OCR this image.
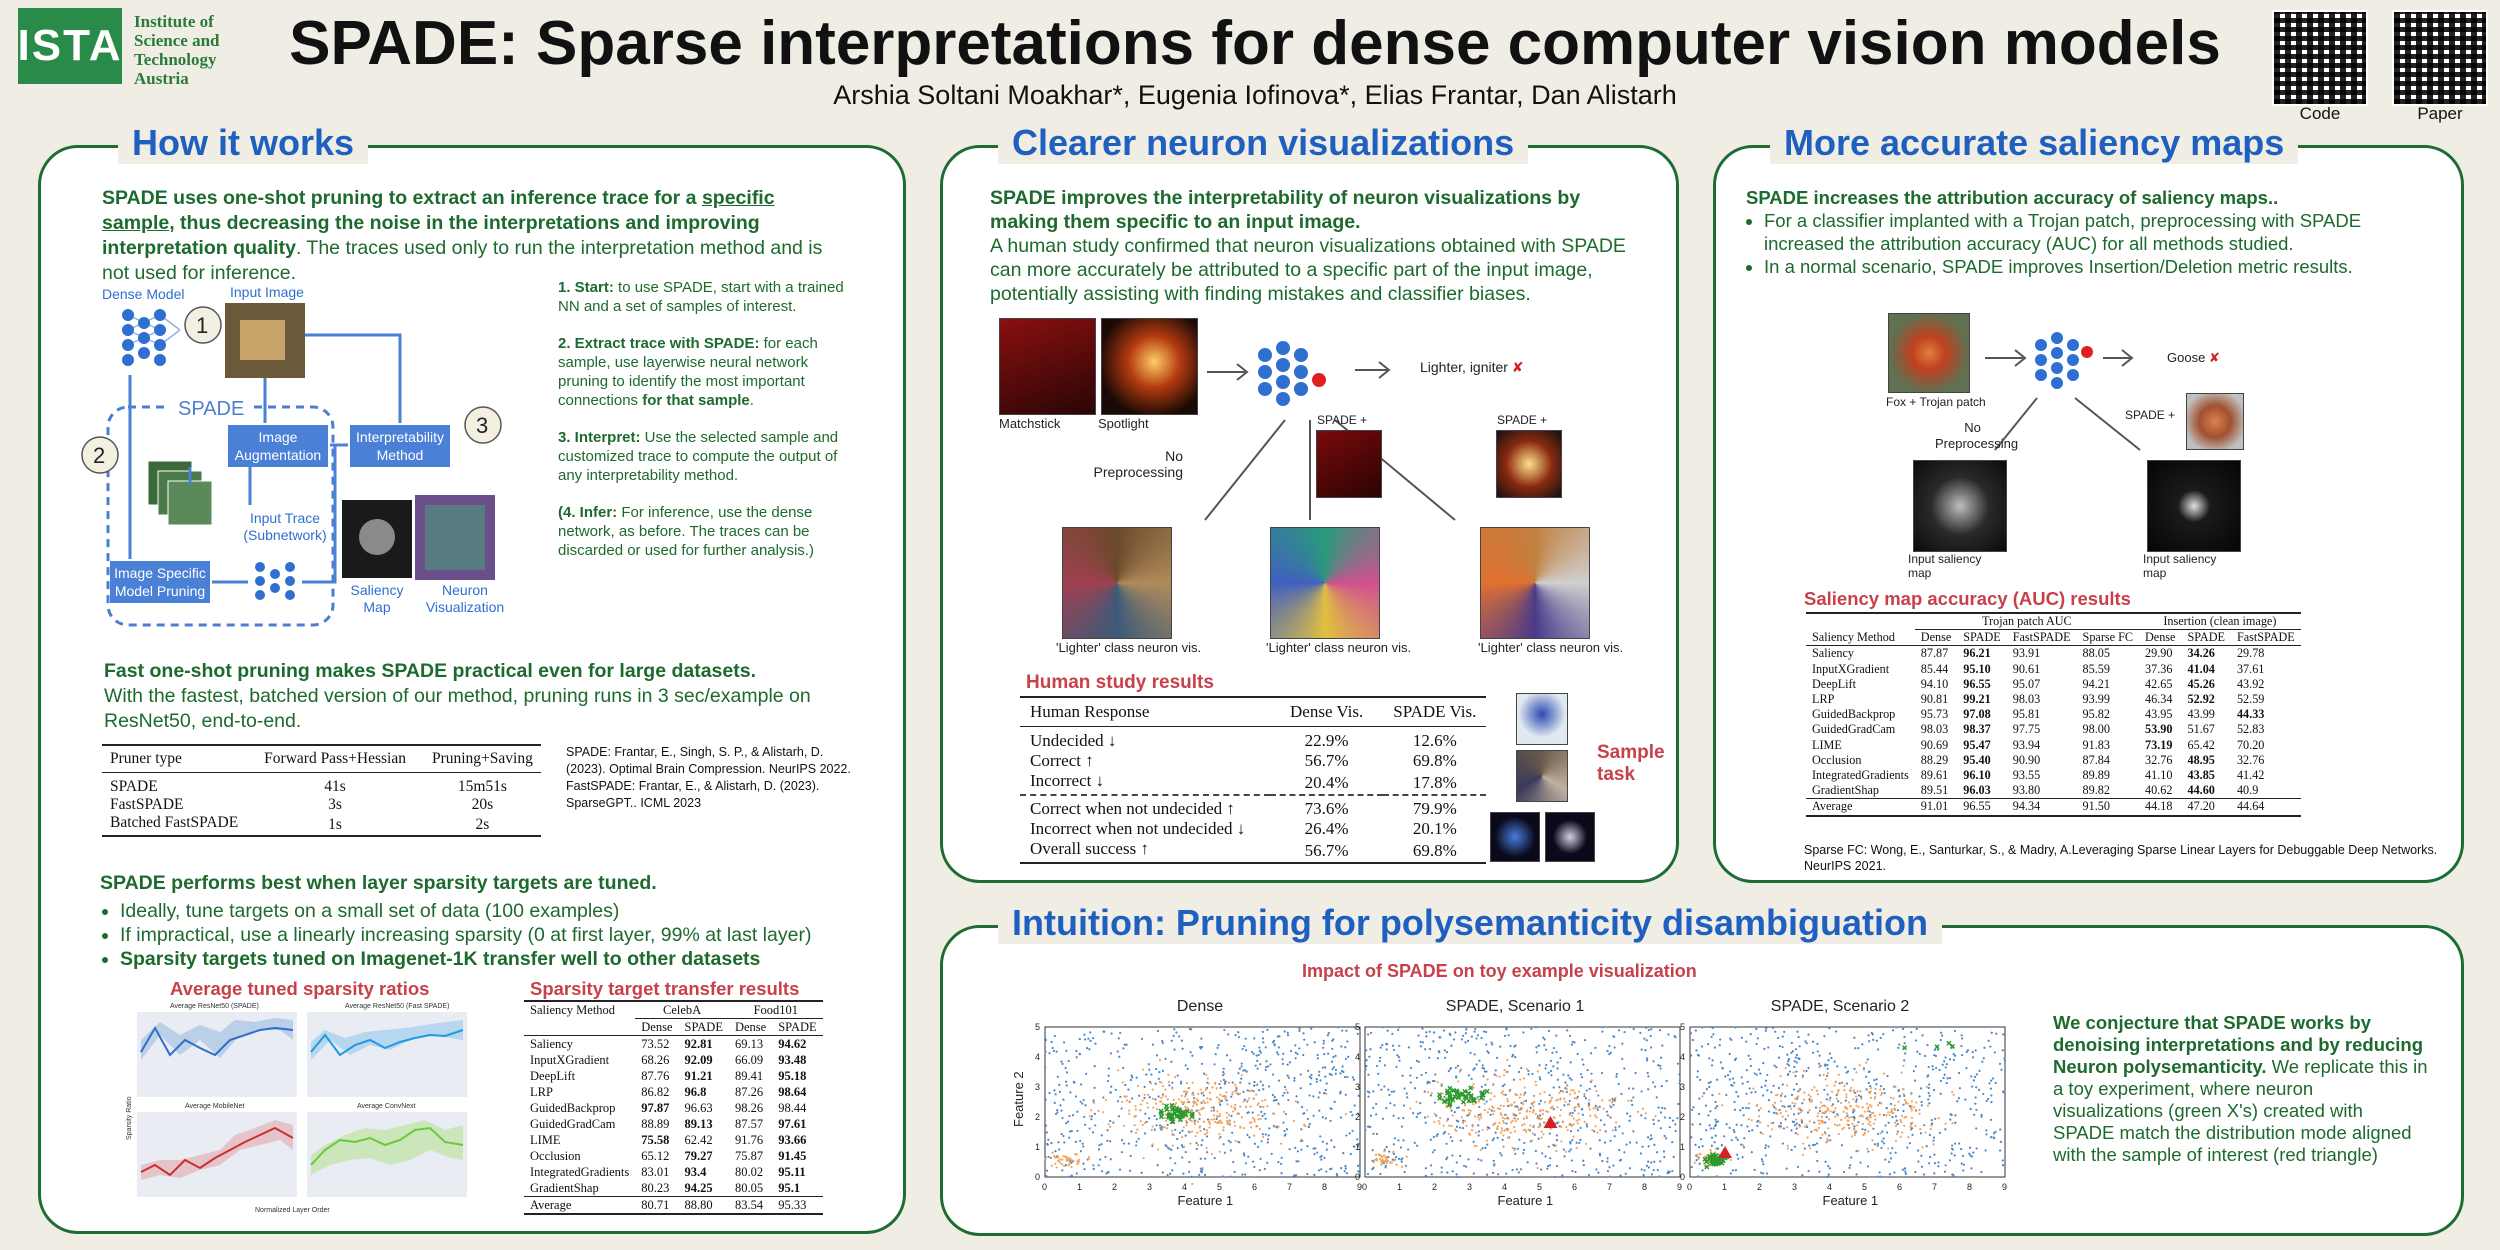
ISTA Institute of
Science and
Technology
Austria
SPADE: Sparse interpretations for dense computer vision models
Arshia Soltani Moakhar*, Eugenia Iofinova*, Elias Frantar, Dan Alistarh
Code	Paper
How it works
SPADE uses one-shot pruning to extract an inference trace for a specific sample, thus decreasing the noise in the interpretations and improving interpretation quality. The traces used only to run the interpretation method and is not used for inference.
Dense Model	Input Image
1
SPADE
2
Image Augmentation
Interpretability Method
3
Input Trace (Subnetwork)
Image Specific Model Pruning	Saliency Map
Neuron Visualization
1. Start: to use SPADE, start with a trained NN and a set of samples of interest.
2. Extract trace with SPADE: for each sample, use layerwise neural network pruning to identify the most important connections for that sample.
3. Interpret: Use the selected sample and customized trace to compute the output of any interpretability method.
(4. Infer: For inference, use the dense network, as before. The traces can be discarded or used for further analysis.)
Fast one-shot pruning makes SPADE practical even for large datasets.
With the fastest, batched version of our method, pruning runs in 3 sec/example on ResNet50, end-to-end.
Pruner type	Forward Pass+Hessian	Pruning+Saving
SPADE	41s	15m51s
FastSPADE	3s	20s
Batched FastSPADE	1s	2s
SPADE: Frantar, E., Singh, S. P., & Alistarh, D. (2023). Optimal Brain Compression. NeurIPS 2022.
FastSPADE: Frantar, E., & Alistarh, D. (2023). SparseGPT.. ICML 2023
SPADE performs best when layer sparsity targets are tuned.
• Ideally, tune targets on a small set of data (100 examples)
• If impractical, use a linearly increasing sparsity (0 at first layer, 99% at last layer)
• Sparsity targets tuned on Imagenet-1K transfer well to other datasets
Average tuned sparsity ratios
Average ResNet50 (SPADE)	Average ResNet50 (Fast SPADE)
Average MobileNet	Average ConvNext
Normalized Layer Order
Sparsity Ratio
Sparsity target transfer results
Saliency Method	CelebA		Food101	
	Dense	SPADE	Dense	SPADE
Saliency	73.52	92.81	69.13	94.62
InputXGradient	68.26	92.09	66.09	93.48
DeepLift	87.76	91.21	89.41	95.18
LRP	86.82	96.8	87.26	98.64
GuidedBackprop	97.87	96.63	98.26	98.44
GuidedGradCam	88.89	89.13	87.57	97.61
LIME	75.58	62.42	91.76	93.66
Occlusion	65.12	79.27	75.87	91.45
IntegratedGradients	83.01	93.4	80.02	95.11
GradientShap	80.23	94.25	80.05	95.1
Average	80.71	88.80	83.54	95.33
Clearer neuron visualizations
SPADE improves the interpretability of neuron visualizations by making them specific to an input image.
A human study confirmed that neuron visualizations obtained with SPADE can more accurately be attributed to a specific part of the input image, potentially assisting with finding mistakes and classifier biases.
Matchstick	Spotlight
Lighter, igniter ✘
No Preprocessing
SPADE +	SPADE +
'Lighter' class neuron vis.	'Lighter' class neuron vis.	'Lighter' class neuron vis.
Human study results
Human Response	Dense Vis.	SPADE Vis.
Undecided ↓	22.9%	12.6%
Correct ↑	56.7%	69.8%
Incorrect ↓	20.4%	17.8%
Correct when not undecided ↑	73.6%	79.9%
Incorrect when not undecided ↓	26.4%	20.1%
Overall success ↑	56.7%	69.8%
Sample task
More accurate saliency maps
SPADE increases the attribution accuracy of saliency maps..
• For a classifier implanted with a Trojan patch, preprocessing with SPADE increased the attribution accuracy (AUC) for all methods studied.
• In a normal scenario, SPADE improves Insertion/Deletion metric results.
Fox + Trojan patch
Goose ✘
No Preprocessing
SPADE +
Input saliency map
Input saliency map
Saliency map accuracy (AUC) results
	Trojan patch AUC				Insertion (clean image)		
Saliency Method	Dense	SPADE	FastSPADE	Sparse FC	Dense	SPADE	FastSPADE
Saliency	87.87	96.21	93.91	88.05	29.90	34.26	29.78
InputXGradient	85.44	95.10	90.61	85.59	37.36	41.04	37.61
DeepLift	94.10	96.55	95.07	94.21	42.65	45.26	43.92
LRP	90.81	99.21	98.03	93.99	46.34	52.92	52.59
GuidedBackprop	95.73	97.08	95.81	95.82	43.95	43.99	44.33
GuidedGradCam	98.03	98.37	97.75	98.00	53.90	51.67	52.83
LIME	90.69	95.47	93.94	91.83	73.19	65.42	70.20
Occlusion	88.29	95.40	90.90	87.84	32.76	48.95	32.76
IntegratedGradients	89.61	96.10	93.55	89.89	41.10	43.85	41.42
GradientShap	89.51	96.03	93.80	89.82	40.62	44.60	40.9
Average	91.01	96.55	94.34	91.50	44.18	47.20	44.64
Sparse FC: Wong, E., Santurkar, S., & Madry, A.Leveraging Sparse Linear Layers for Debuggable Deep Networks. NeurIPS 2021.
Intuition: Pruning for polysemanticity disambiguation
Impact of SPADE on toy example visualization
Dense	SPADE, Scenario 1	SPADE, Scenario 2
0	1	2	3	4	5	6	7	8	9
0
1
2
3
4
5
Feature 1
Feature 2
0	1	2	3	4	5	6	7	8	9
0
1
2
3
4
5
Feature 1
0	1	2	3	4	5	6	7	8	9
0
1
2
3
4
5
Feature 1
We conjecture that SPADE works by denoising interpretations and by reducing Neuron polysemanticity. We replicate this in a toy experiment, where neuron visualizations (green X's) created with SPADE match the distribution mode aligned with the sample of interest (red triangle)
